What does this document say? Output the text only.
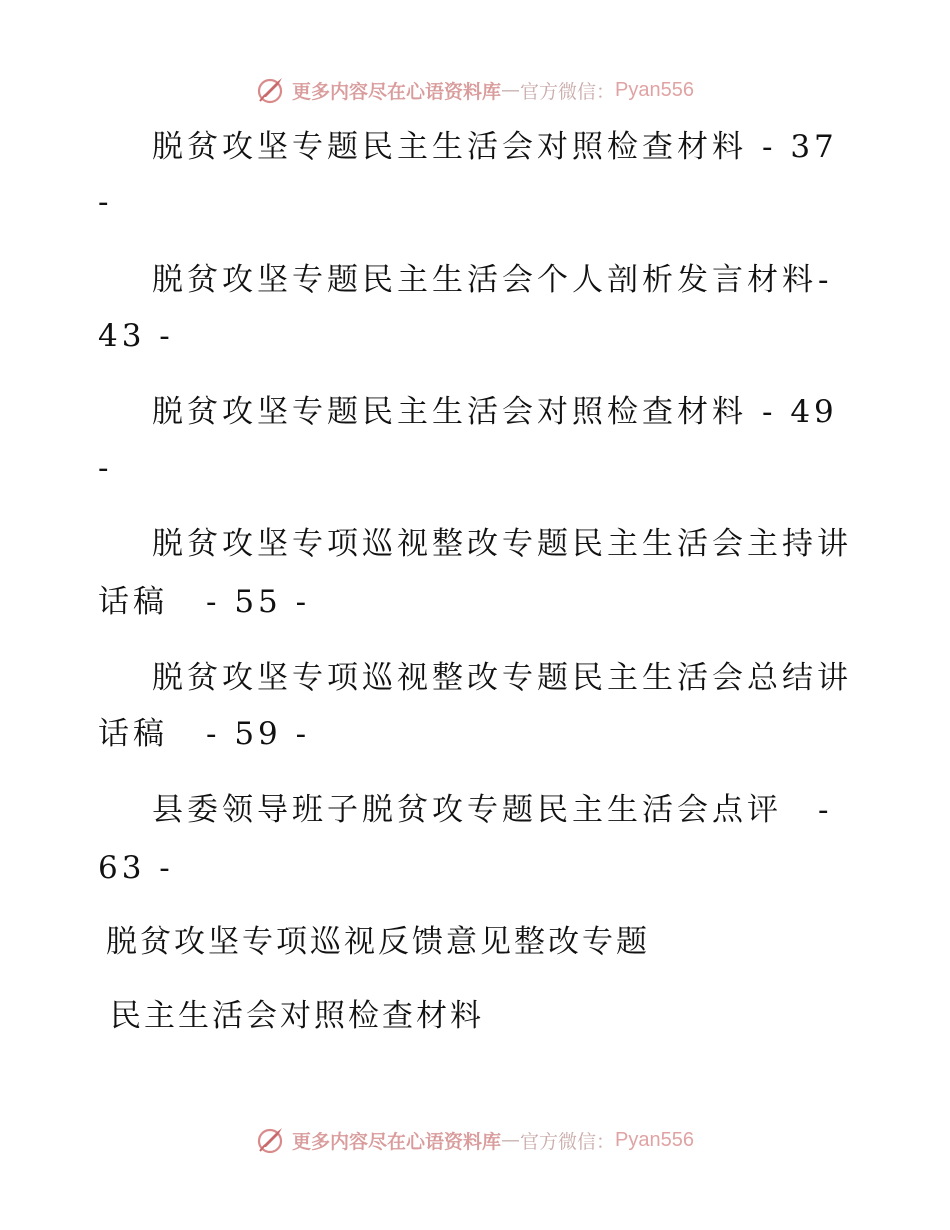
更多内容尽在心语资料库 — 官方微信： Pyan556
脱贫攻坚专题民主生活会对照检查材料 - 37
-
脱贫攻坚专题民主生活会个人剖析发言材料 -
43 -
脱贫攻坚专题民主生活会对照检查材料 - 49
-
脱贫攻坚专项巡视整改专题民主生活会主持讲
话稿 - 55 -
脱贫攻坚专项巡视整改专题民主生活会总结讲
话稿 - 59 -
县委领导班子脱贫攻专题民主生活会点评 -
63 -
脱贫攻坚专项巡视反馈意见整改专题
民主生活会对照检查材料
更多内容尽在心语资料库 — 官方微信： Pyan556
